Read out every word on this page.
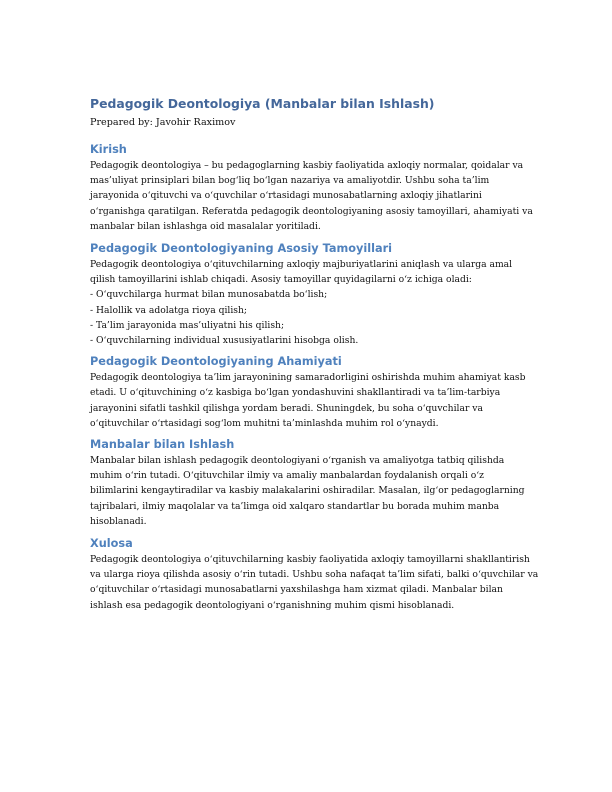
Pedagogik Deontologiya (Manbalar bilan Ishlash)

Prepared by: Javohir Raximov

Kirish

Pedagogik deontologiya – bu pedagoglarning kasbiy faoliyatida axloqiy normalar, qoidalar va
mas’uliyat prinsiplari bilan bog‘liq bo‘lgan nazariya va amaliyotdir. Ushbu soha ta’lim
jarayonida o‘qituvchi va o‘quvchilar o‘rtasidagi munosabatlarning axloqiy jihatlarini
o‘rganishga qaratilgan. Referatda pedagogik deontologiyaning asosiy tamoyillari, ahamiyati va
manbalar bilan ishlashga oid masalalar yoritiladi.

Pedagogik Deontologiyaning Asosiy Tamoyillari

Pedagogik deontologiya o‘qituvchilarning axloqiy majburiyatlarini aniqlash va ularga amal
qilish tamoyillarini ishlab chiqadi. Asosiy tamoyillar quyidagilarni o‘z ichiga oladi:
- O‘quvchilarga hurmat bilan munosabatda bo‘lish;
- Halollik va adolatga rioya qilish;
- Ta’lim jarayonida mas’uliyatni his qilish;
- O‘quvchilarning individual xususiyatlarini hisobga olish.

Pedagogik Deontologiyaning Ahamiyati

Pedagogik deontologiya ta’lim jarayonining samaradorligini oshirishda muhim ahamiyat kasb
etadi. U o‘qituvchining o‘z kasbiga bo‘lgan yondashuvini shakllantiradi va ta’lim-tarbiya
jarayonini sifatli tashkil qilishga yordam beradi. Shuningdek, bu soha o‘quvchilar va
o‘qituvchilar o‘rtasidagi sog‘lom muhitni ta’minlashda muhim rol o‘ynaydi.

Manbalar bilan Ishlash

Manbalar bilan ishlash pedagogik deontologiyani o‘rganish va amaliyotga tatbiq qilishda
muhim o‘rin tutadi. O‘qituvchilar ilmiy va amaliy manbalardan foydalanish orqali o‘z
bilimlarini kengaytiradilar va kasbiy malakalarini oshiradilar. Masalan, ilg‘or pedagoglarning
tajribalari, ilmiy maqolalar va ta’limga oid xalqaro standartlar bu borada muhim manba
hisoblanadi.

Xulosa

Pedagogik deontologiya o‘qituvchilarning kasbiy faoliyatida axloqiy tamoyillarni shakllantirish
va ularga rioya qilishda asosiy o‘rin tutadi. Ushbu soha nafaqat ta’lim sifati, balki o‘quvchilar va
o‘qituvchilar o‘rtasidagi munosabatlarni yaxshilashga ham xizmat qiladi. Manbalar bilan
ishlash esa pedagogik deontologiyani o‘rganishning muhim qismi hisoblanadi.
